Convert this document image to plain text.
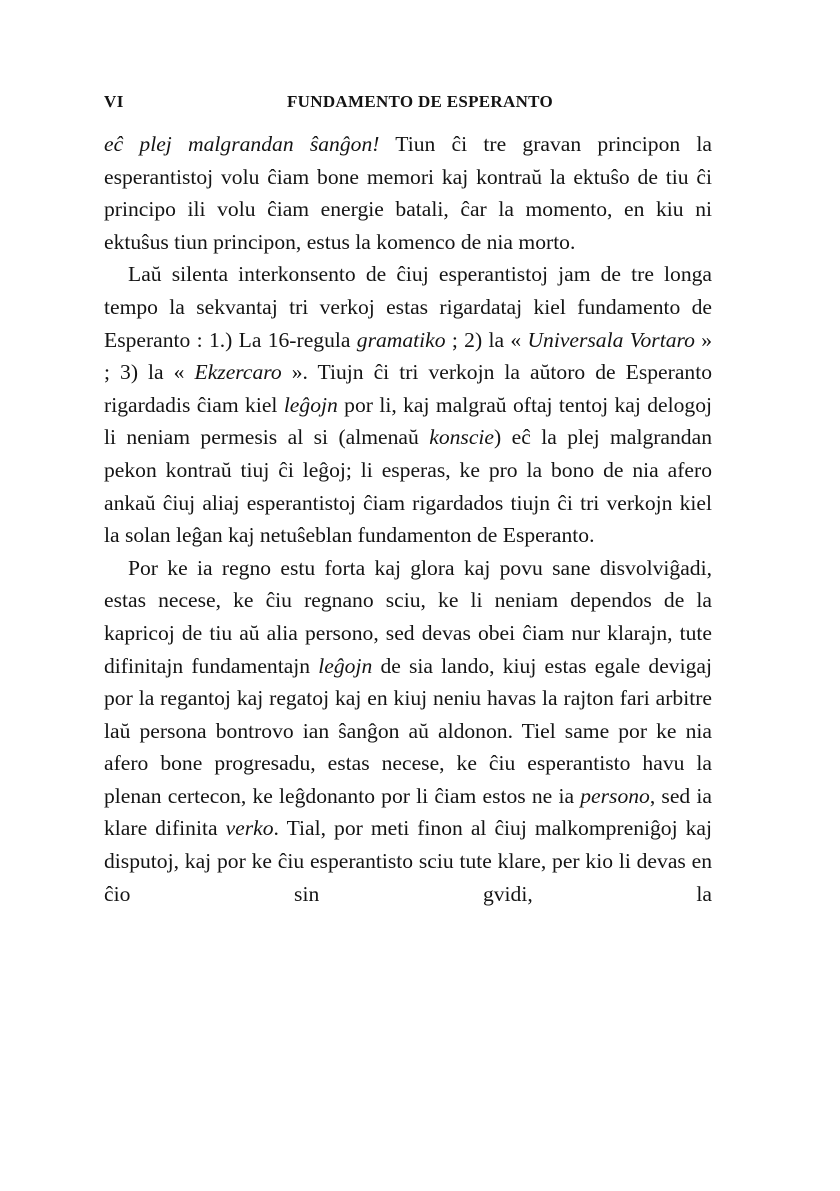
VI	FUNDAMENTO DE ESPERANTO

eĉ plej malgrandan ŝanĝon! Tiun ĉi tre gravan principon la esperantistoj volu ĉiam bone memori kaj kontraŭ la ektuŝo de tiu ĉi principo ili volu ĉiam energie batali, ĉar la momento, en kiu ni ektuŝus tiun principon, estus la komenco de nia morto.

Laŭ silenta interkonsento de ĉiuj esperantistoj jam de tre longa tempo la sekvantaj tri verkoj estas rigardataj kiel fundamento de Esperanto : 1.) La 16-regula gramatiko ; 2) la « Universala Vortaro » ; 3) la « Ekzercaro ». Tiujn ĉi tri verkojn la aŭtoro de Esperanto rigardadis ĉiam kiel leĝojn por li, kaj malgraŭ oftaj tentoj kaj delogoj li neniam permesis al si (almenaŭ konscie) eĉ la plej malgrandan pekon kontraŭ tiuj ĉi leĝoj; li esperas, ke pro la bono de nia afero ankaŭ ĉiuj aliaj esperantistoj ĉiam rigardados tiujn ĉi tri verkojn kiel la solan leĝan kaj netuŝeblan fundamenton de Esperanto.

Por ke ia regno estu forta kaj glora kaj povu sane disvolviĝadi, estas necese, ke ĉiu regnano sciu, ke li neniam dependos de la kapricoj de tiu aŭ alia persono, sed devas obei ĉiam nur klarajn, tute difinitajn fundamentajn leĝojn de sia lando, kiuj estas egale devigaj por la regantoj kaj regatoj kaj en kiuj neniu havas la rajton fari arbitre laŭ persona bontrovo ian ŝanĝon aŭ aldonon. Tiel same por ke nia afero bone progresadu, estas necese, ke ĉiu esperantisto havu la plenan certecon, ke leĝdonanto por li ĉiam estos ne ia persono, sed ia klare difinita verko. Tial, por meti finon al ĉiuj malkompreniĝoj kaj disputoj, kaj por ke ĉiu esperantisto sciu tute klare, per kio li devas en ĉio sin gvidi, la
